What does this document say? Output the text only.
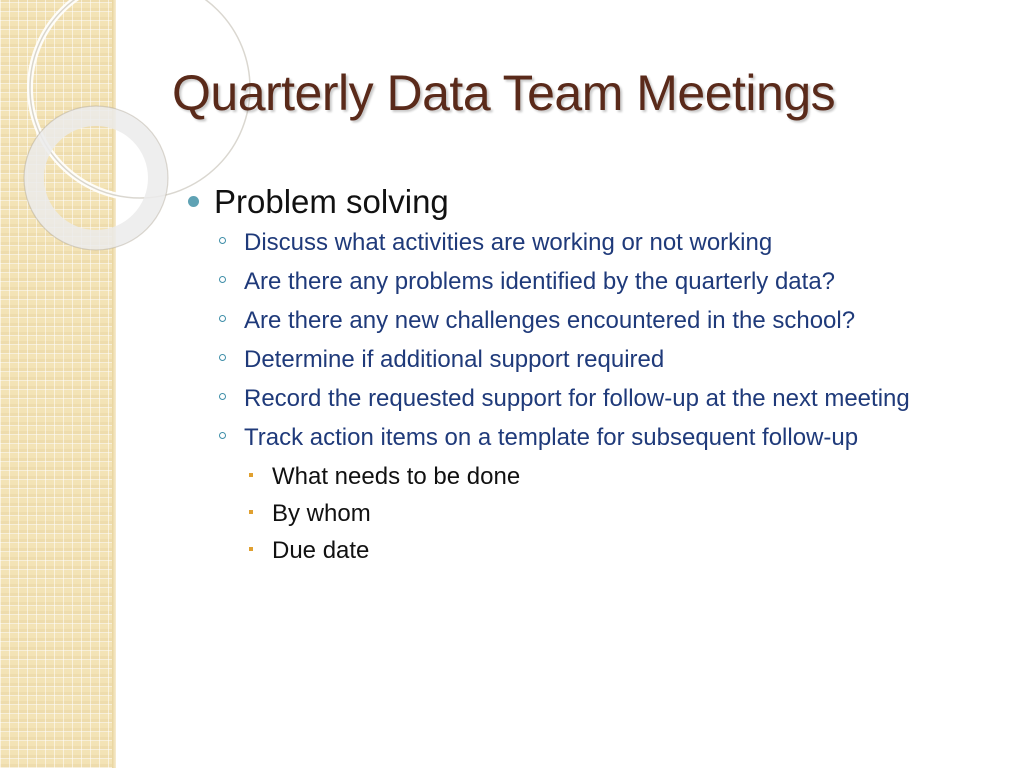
Quarterly Data Team Meetings
Problem solving
Discuss what activities are working or not working
Are there any problems identified by the quarterly data?
Are there any new challenges encountered in the school?
Determine if additional support required
Record the requested support for follow-up at the next meeting
Track action items on a template for subsequent follow-up
What needs to be done
By whom
Due date
